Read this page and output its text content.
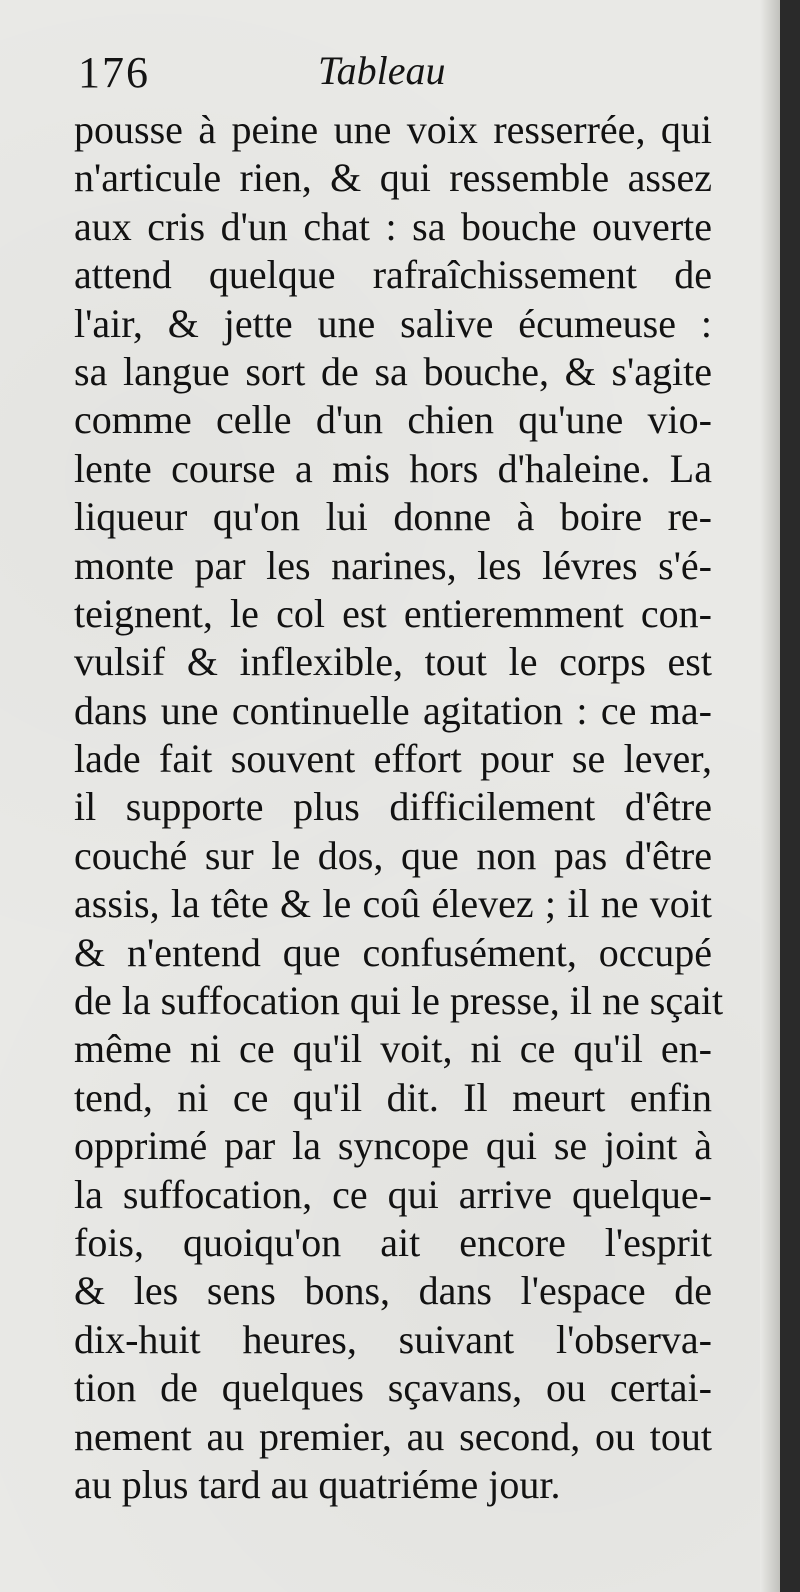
176	Tableau
pousse à peine une voix resserrée, qui
n'articule rien, & qui ressemble assez
aux cris d'un chat : sa bouche ouverte
attend quelque rafraîchissement de
l'air, & jette une salive écumeuse :
sa langue sort de sa bouche, & s'agite
comme celle d'un chien qu'une vio-
lente course a mis hors d'haleine. La
liqueur qu'on lui donne à boire re-
monte par les narines, les lévres s'é-
teignent, le col est entieremment con-
vulsif & inflexible, tout le corps est
dans une continuelle agitation : ce ma-
lade fait souvent effort pour se lever,
il supporte plus difficilement d'être
couché sur le dos, que non pas d'être
assis, la tête & le coû élevez ; il ne voit
& n'entend que confusément, occupé
de la suffocation qui le presse, il ne sçait
même ni ce qu'il voit, ni ce qu'il en-
tend, ni ce qu'il dit. Il meurt enfin
opprimé par la syncope qui se joint à
la suffocation, ce qui arrive quelque-
fois, quoiqu'on ait encore l'esprit
& les sens bons, dans l'espace de
dix-huit heures, suivant l'observa-
tion de quelques sçavans, ou certai-
nement au premier, au second, ou tout
au plus tard au quatriéme jour.
